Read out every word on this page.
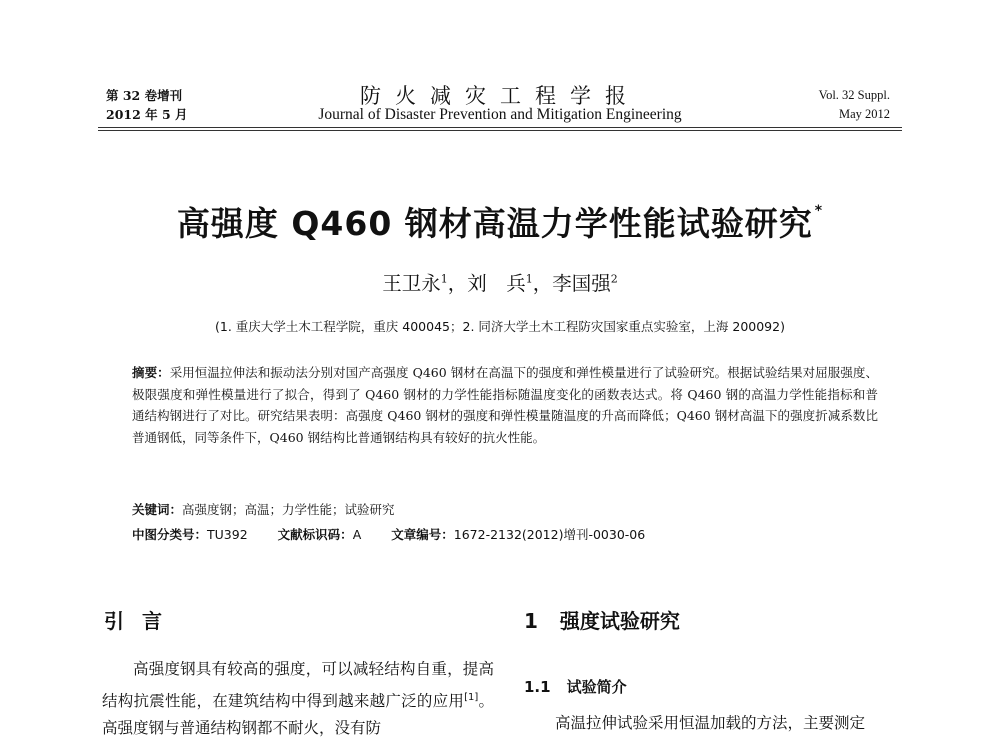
第 32 卷增刊
2012 年 5 月
防火减灾工程学报
Journal of Disaster Prevention and Mitigation Engineering
Vol. 32 Suppl.
May 2012
高强度 Q460 钢材高温力学性能试验研究 *
王卫永$^1$，刘　兵$^1$，李国强$^2$
(1. 重庆大学土木工程学院，重庆 400045；2. 同济大学土木工程防灾国家重点实验室，上海 200092)
摘要：采用恒温拉伸法和振动法分别对国产高强度 Q460 钢材在高温下的强度和弹性模量进行了试验研究。根据试验结果对屈服强度、极限强度和弹性模量进行了拟合，得到了 Q460 钢材的力学性能指标随温度变化的函数表达式。将 Q460 钢的高温力学性能指标和普通结构钢进行了对比。研究结果表明：高强度 Q460 钢材的强度和弹性模量随温度的升高而降低；Q460 钢材高温下的强度折减系数比普通钢低，同等条件下，Q460 钢结构比普通钢结构具有较好的抗火性能。
关键词：高强度钢；高温；力学性能；试验研究
中图分类号：TU392 文献标识码：A 文章编号：1672-2132(2012)增刊-0030-06
引言

高强度钢具有较高的强度，可以减轻结构自重，提高结构抗震性能，在建筑结构中得到越来越广泛的应用[1]。高强度钢与普通结构钢都不耐火，没有防

1 强度试验研究
1.1 试验简介

高温拉伸试验采用恒温加载的方法，主要测定
